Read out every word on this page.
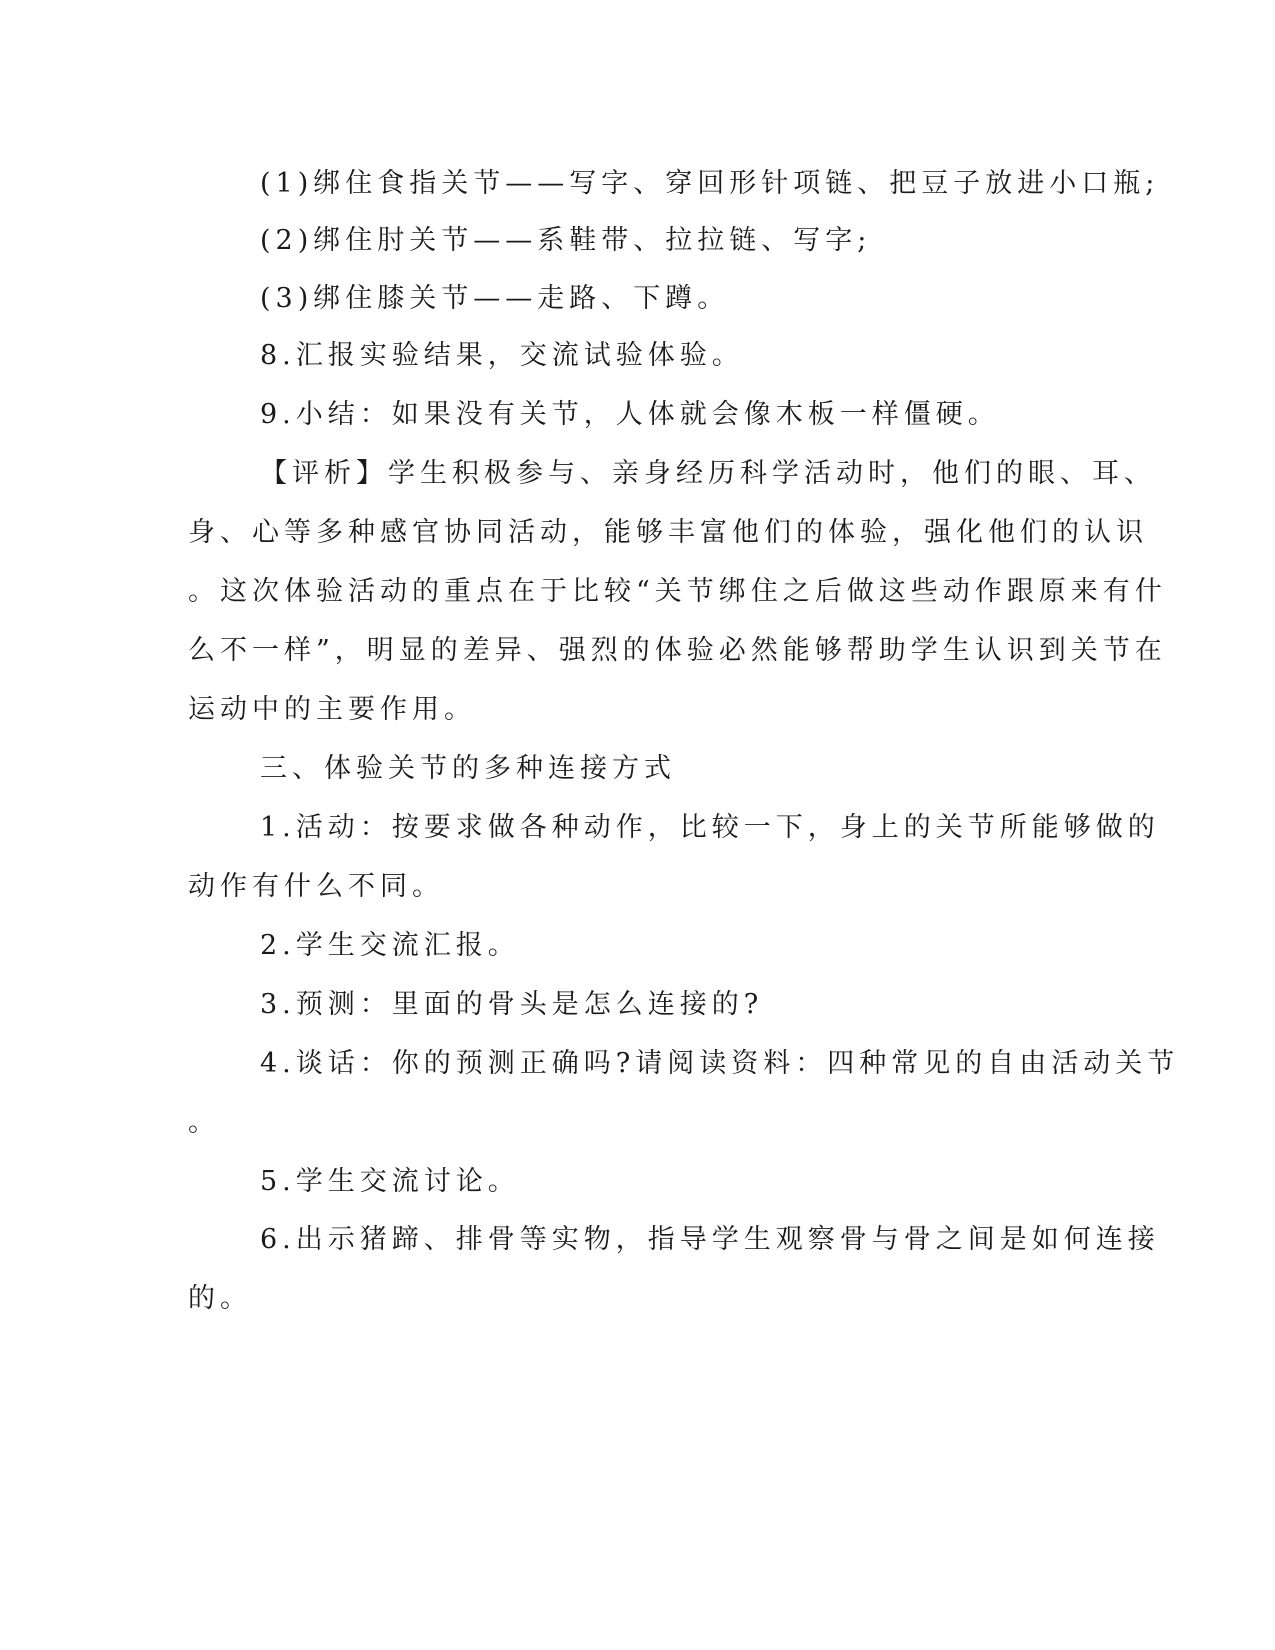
(1)绑住食指关节——写字、穿回形针项链、把豆子放进小口瓶;
(2)绑住肘关节——系鞋带、拉拉链、写字;
(3)绑住膝关节——走路、下蹲。
8.汇报实验结果，交流试验体验。
9.小结：如果没有关节，人体就会像木板一样僵硬。
【评析】学生积极参与、亲身经历科学活动时，他们的眼、耳、
身、心等多种感官协同活动，能够丰富他们的体验，强化他们的认识
。这次体验活动的重点在于比较“关节绑住之后做这些动作跟原来有什
么不一样”，明显的差异、强烈的体验必然能够帮助学生认识到关节在
运动中的主要作用。
三、体验关节的多种连接方式
1.活动：按要求做各种动作，比较一下，身上的关节所能够做的
动作有什么不同。
2.学生交流汇报。
3.预测：里面的骨头是怎么连接的?
4.谈话：你的预测正确吗?请阅读资料：四种常见的自由活动关节
。
5.学生交流讨论。
6.出示猪蹄、排骨等实物，指导学生观察骨与骨之间是如何连接
的。
